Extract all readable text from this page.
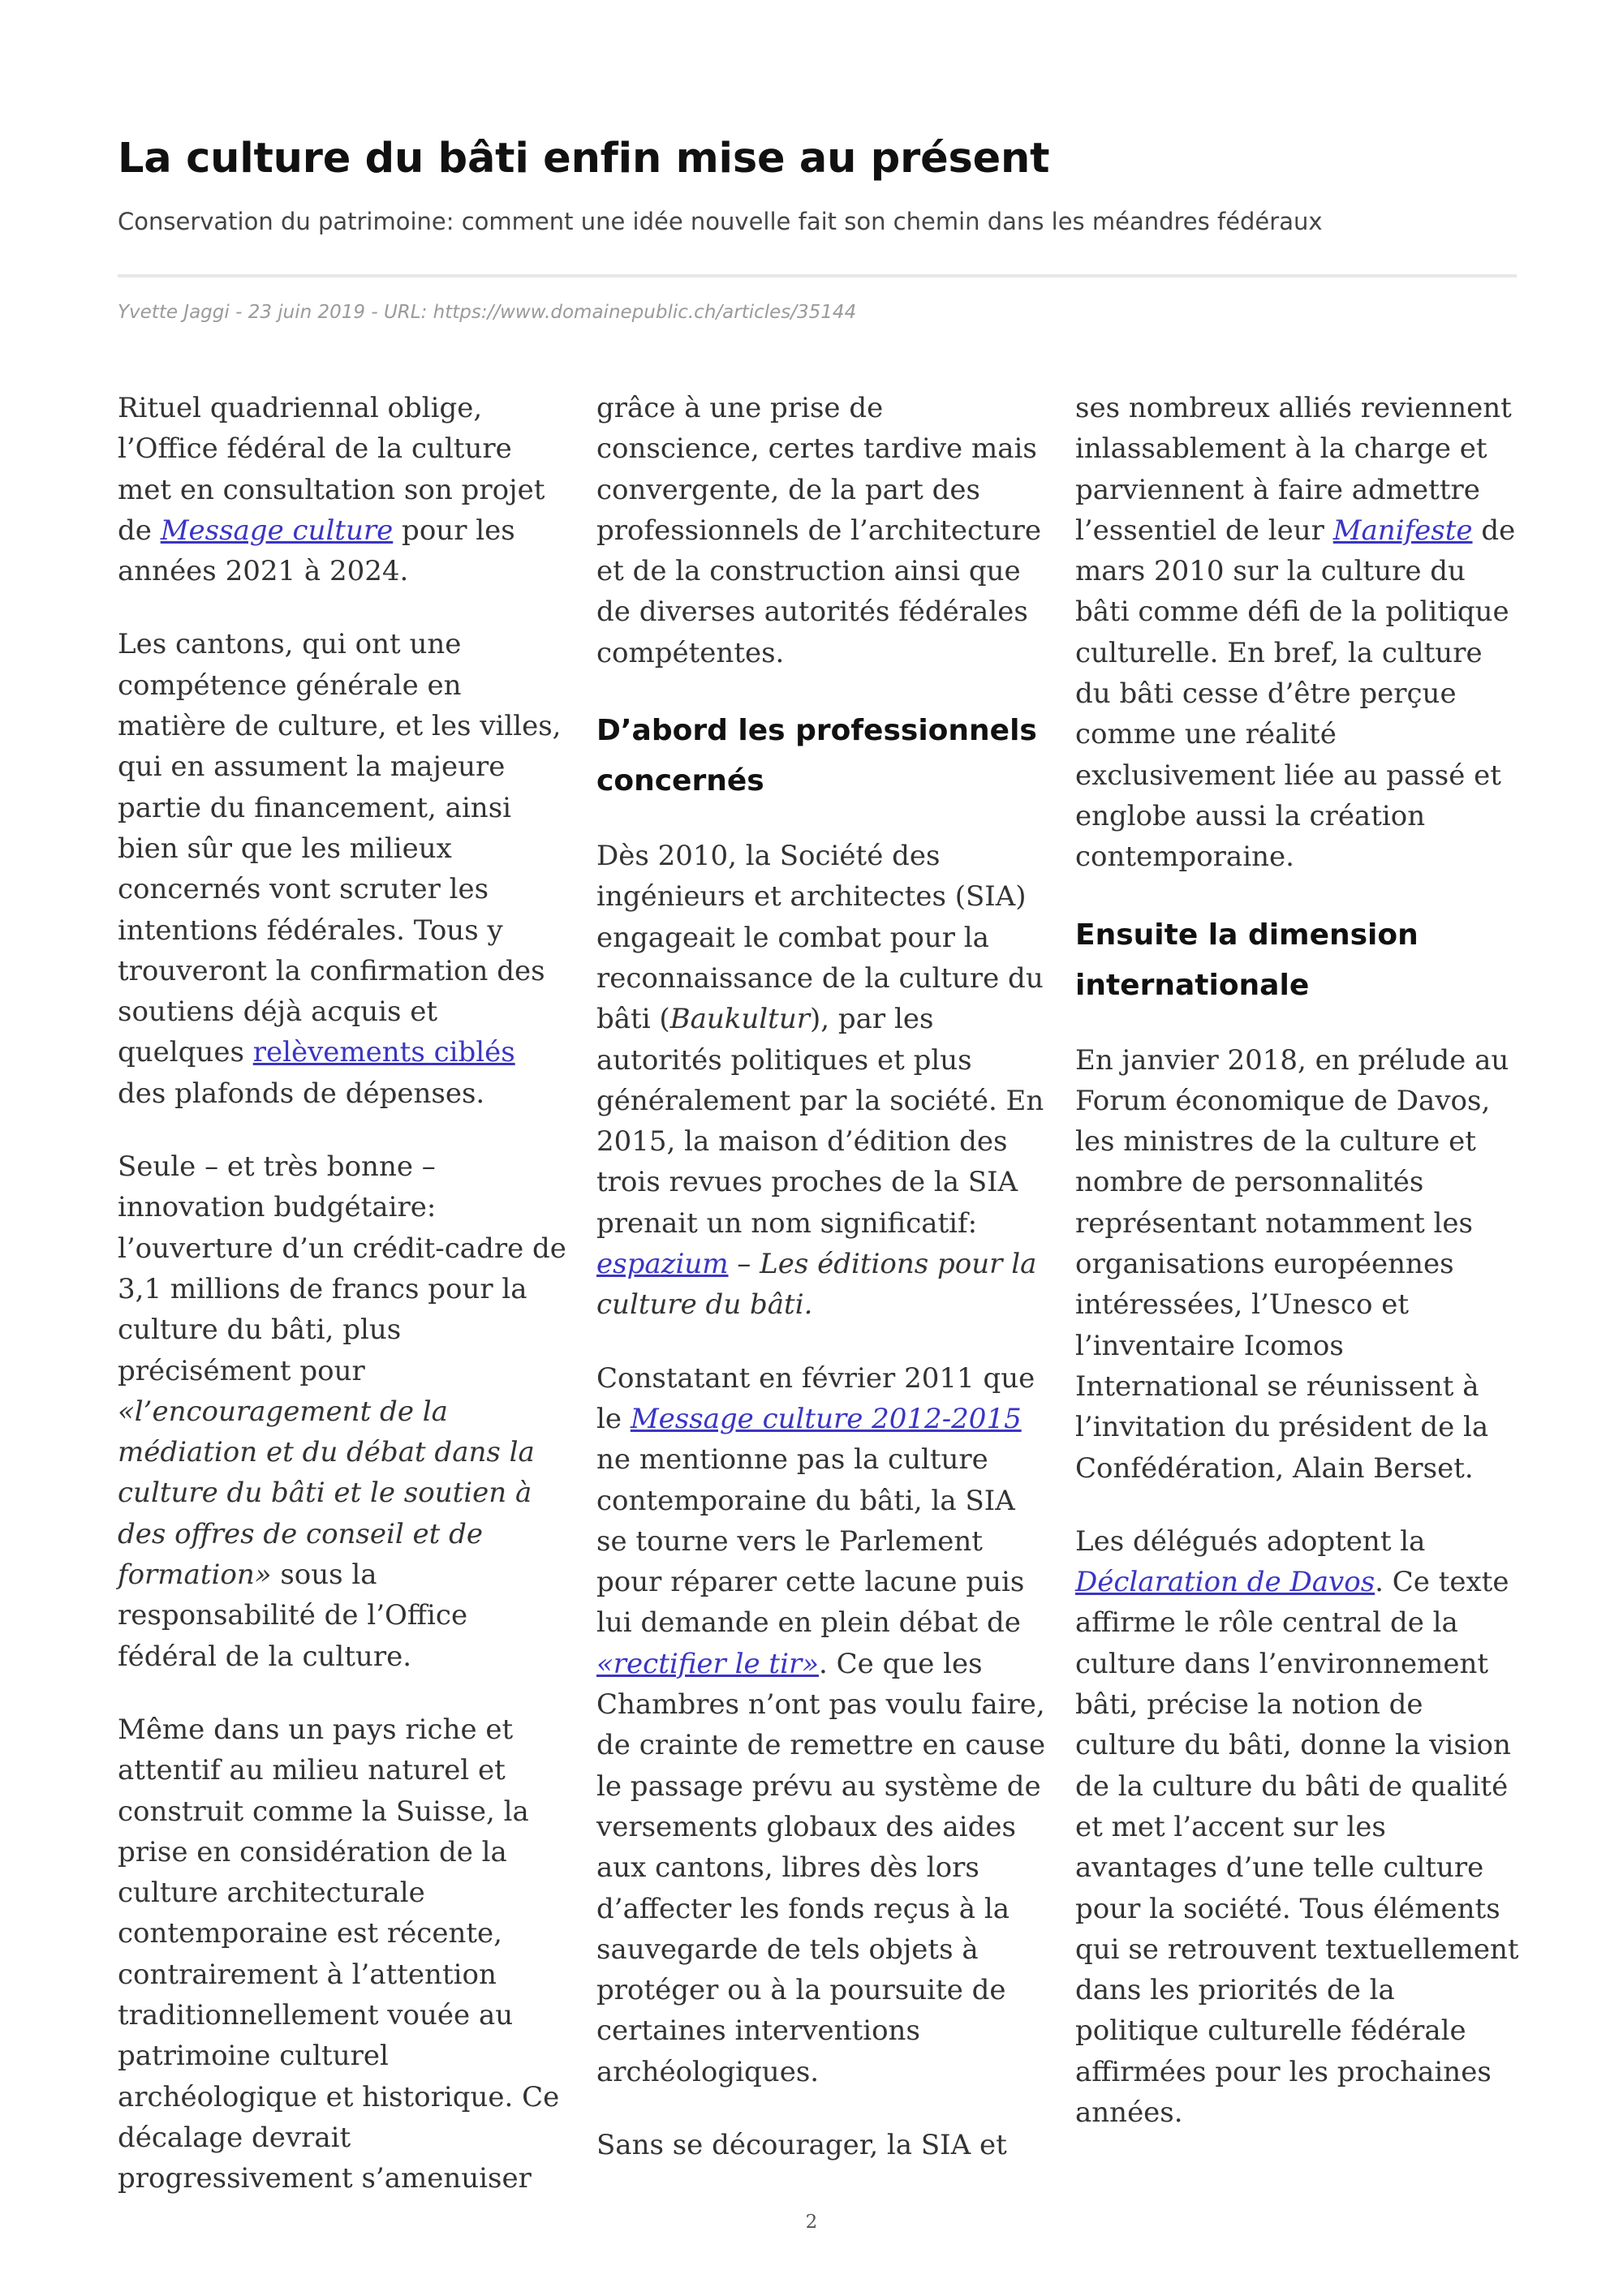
La culture du bâti enfin mise au présent

Conservation du patrimoine: comment une idée nouvelle fait son chemin dans les méandres fédéraux

Yvette Jaggi - 23 juin 2019 - URL: https://www.domainepublic.ch/articles/35144

Rituel quadriennal oblige, l’Office fédéral de la culture met en consultation son projet de Message culture pour les années 2021 à 2024.

Les cantons, qui ont une compétence générale en matière de culture, et les villes, qui en assument la majeure partie du financement, ainsi bien sûr que les milieux concernés vont scruter les intentions fédérales. Tous y trouveront la confirmation des soutiens déjà acquis et quelques relèvements ciblés des plafonds de dépenses.

Seule – et très bonne – innovation budgétaire: l’ouverture d’un crédit-cadre de 3,1 millions de francs pour la culture du bâti, plus précisément pour «l’encouragement de la médiation et du débat dans la culture du bâti et le soutien à des offres de conseil et de formation» sous la responsabilité de l’Office fédéral de la culture.

Même dans un pays riche et attentif au milieu naturel et construit comme la Suisse, la prise en considération de la culture architecturale contemporaine est récente, contrairement à l’attention traditionnellement vouée au patrimoine culturel archéologique et historique. Ce décalage devrait progressivement s’amenuiser

grâce à une prise de conscience, certes tardive mais convergente, de la part des professionnels de l’architecture et de la construction ainsi que de diverses autorités fédérales compétentes.

D’abord les professionnels concernés

Dès 2010, la Société des ingénieurs et architectes (SIA) engageait le combat pour la reconnaissance de la culture du bâti (Baukultur), par les autorités politiques et plus généralement par la société. En 2015, la maison d’édition des trois revues proches de la SIA prenait un nom significatif: espazium – Les éditions pour la culture du bâti.

Constatant en février 2011 que le Message culture 2012-2015 ne mentionne pas la culture contemporaine du bâti, la SIA se tourne vers le Parlement pour réparer cette lacune puis lui demande en plein débat de «rectifier le tir». Ce que les Chambres n’ont pas voulu faire, de crainte de remettre en cause le passage prévu au système de versements globaux des aides aux cantons, libres dès lors d’affecter les fonds reçus à la sauvegarde de tels objets à protéger ou à la poursuite de certaines interventions archéologiques.

Sans se décourager, la SIA et

ses nombreux alliés reviennent inlassablement à la charge et parviennent à faire admettre l’essentiel de leur Manifeste de mars 2010 sur la culture du bâti comme défi de la politique culturelle. En bref, la culture du bâti cesse d’être perçue comme une réalité exclusivement liée au passé et englobe aussi la création contemporaine.

Ensuite la dimension internationale

En janvier 2018, en prélude au Forum économique de Davos, les ministres de la culture et nombre de personnalités représentant notamment les organisations européennes intéressées, l’Unesco et l’inventaire Icomos International se réunissent à l’invitation du président de la Confédération, Alain Berset.

Les délégués adoptent la Déclaration de Davos. Ce texte affirme le rôle central de la culture dans l’environnement bâti, précise la notion de culture du bâti, donne la vision de la culture du bâti de qualité et met l’accent sur les avantages d’une telle culture pour la société. Tous éléments qui se retrouvent textuellement dans les priorités de la politique culturelle fédérale affirmées pour les prochaines années.

2
